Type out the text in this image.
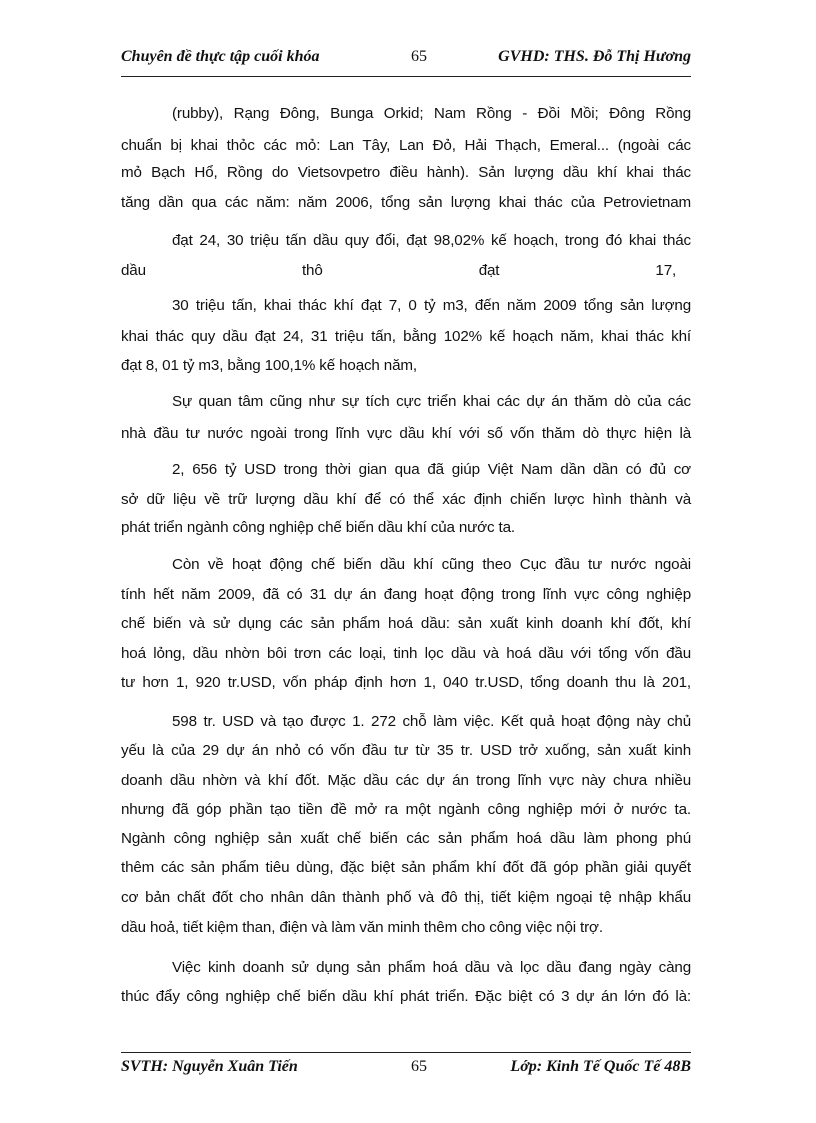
Chuyên đề thực tập cuối khóa	65	GVHD: THS. Đỗ Thị Hương
(rubby), Rạng Đông, Bunga Orkid; Nam Rồng - Đồi Mồi; Đông Rồng
chuẩn bị khai thỏc các mỏ: Lan Tây, Lan Đỏ, Hải Thạch, Emeral... (ngoài các
mỏ Bạch Hổ, Rồng do Vietsovpetro điều hành). Sản lượng dầu khí khai thác
tăng dần qua các năm: năm 2006, tổng sản lượng khai thác của Petrovietnam
đạt 24, 30 triệu tấn dầu quy đổi, đạt 98,02% kế hoạch, trong đó khai thác
dầu thô đạt 17,
30 triệu tấn, khai thác khí đạt 7, 0 tỷ m3, đến năm 2009 tổng sản lượng
khai thác quy dầu đạt 24, 31 triệu tấn, bằng 102% kế hoạch năm, khai thác khí
đạt 8, 01 tỷ m3, bằng 100,1% kế hoạch năm,
Sự quan tâm cũng như sự tích cực triển khai các dự án thăm dò của các
nhà đầu tư nước ngoài trong lĩnh vực dầu khí với số vốn thăm dò thực hiện là
2, 656 tỷ USD trong thời gian qua đã giúp Việt Nam dần dần có đủ cơ
sở dữ liệu về trữ lượng dầu khí để có thể xác định chiến lược hình thành và
phát triển ngành công nghiệp chế biến dầu khí của nước ta.
Còn về hoạt động chế biến dầu khí cũng theo Cục đầu tư nước ngoài
tính hết năm 2009, đã có 31 dự án đang hoạt động trong lĩnh vực công nghiệp
chế biến và sử dụng các sản phẩm hoá dầu: sản xuất kinh doanh khí đốt, khí
hoá lỏng, dầu nhờn bôi trơn các loại, tinh lọc dầu và hoá dầu với tổng vốn đầu
tư hơn 1, 920 tr.USD, vốn pháp định hơn 1, 040 tr.USD, tổng doanh thu là 201,
598 tr. USD và tạo được 1. 272 chỗ làm việc. Kết quả hoạt động này chủ
yếu là của 29 dự án nhỏ có vốn đầu tư từ 35 tr. USD trở xuống, sản xuất kinh
doanh dầu nhờn và khí đốt. Mặc dầu các dự án trong lĩnh vực này chưa nhiều
nhưng đã góp phần tạo tiền đề mở ra một ngành công nghiệp mới ở nước ta.
Ngành công nghiệp sản xuất chế biến các sản phẩm hoá dầu làm phong phú
thêm các sản phẩm tiêu dùng, đặc biệt sản phẩm khí đốt đã góp phần giải quyết
cơ bản chất đốt cho nhân dân thành phố và đô thị, tiết kiệm ngoại tệ nhập khẩu
dầu hoả, tiết kiệm than, điện và làm văn minh thêm cho công việc nội trợ.
Việc kinh doanh sử dụng sản phẩm hoá dầu và lọc dầu đang ngày càng
thúc đẩy công nghiệp chế biến dầu khí phát triển. Đặc biệt có 3 dự án lớn đó là:
SVTH: Nguyễn Xuân Tiến	65	Lớp: Kinh Tế Quốc Tế 48B
